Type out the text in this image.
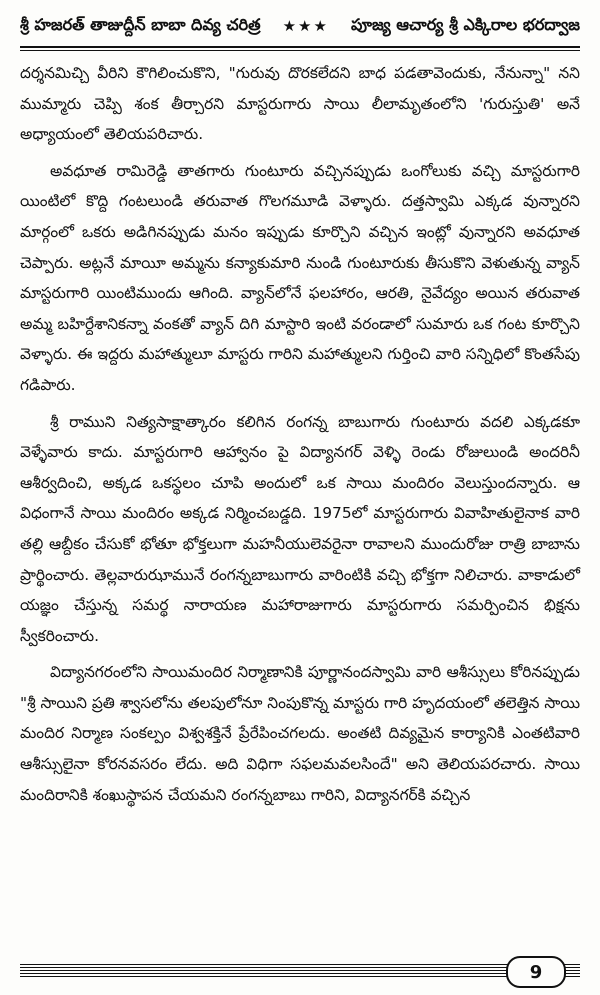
శ్రీ హజరత్ తాజుద్దీన్ బాబా దివ్య చరిత్ర ★★★ పూజ్య ఆచార్య శ్రీ ఎక్కిరాల భరద్వాజ

దర్శనమిచ్చి వీరిని కౌగిలించుకొని, "గురువు దొరకలేదని బాధ పడతావెందుకు, నేనున్నా" నని ముమ్మారు చెప్పి శంక తీర్చారని మాస్టరుగారు సాయి లీలామృతంలోని 'గురుస్తుతి' అనే అధ్యాయంలో తెలియపరిచారు.

అవధూత రామిరెడ్డి తాతగారు గుంటూరు వచ్చినప్పుడు ఒంగోలుకు వచ్చి మాస్టరుగారి యింటిలో కొద్ది గంటలుండి తరువాత గొలగమూడి వెళ్ళారు. దత్తస్వామి ఎక్కడ వున్నారని మార్గంలో ఒకరు అడిగినప్పుడు మనం ఇప్పుడు కూర్చొని వచ్చిన ఇంట్లో వున్నారని అవధూత చెప్పారు. అట్లనే మాయీ అమ్మను కన్యాకుమారి నుండి గుంటూరుకు తీసుకొని వెళుతున్న వ్యాన్ మాస్టరుగారి యింటిముందు ఆగింది. వ్యాన్‌లోనే ఫలహారం, ఆరతి, నైవేద్యం అయిన తరువాత అమ్మ బహిర్దేశానికన్నా వంకతో వ్యాన్ దిగి మాస్టారి ఇంటి వరండాలో సుమారు ఒక గంట కూర్చొని వెళ్ళారు. ఈ ఇద్దరు మహాత్ములూ మాస్టరు గారిని మహాత్ములని గుర్తించి వారి సన్నిధిలో కొంతసేపు గడిపారు.

శ్రీ రాముని నిత్యసాక్షాత్కారం కలిగిన రంగన్న బాబుగారు గుంటూరు వదలి ఎక్కడకూ వెళ్ళేవారు కాదు. మాస్టరుగారి ఆహ్వానం పై విద్యానగర్ వెళ్ళి రెండు రోజులుండి అందరినీ ఆశీర్వదించి, అక్కడ ఒకస్థలం చూపి అందులో ఒక సాయి మందిరం వెలుస్తుందన్నారు. ఆ విధంగానే సాయి మందిరం అక్కడ నిర్మించబడ్డది. 1975లో మాస్టరుగారు వివాహితులైనాక వారి తల్లి ఆబ్దీకం చేసుకో భోతూ భోక్తలుగా మహనీయులెవరైనా రావాలని ముందురోజు రాత్రి బాబాను ప్రార్థించారు. తెల్లవారుఝామునే రంగన్నబాబుగారు వారింటికి వచ్చి భోక్తగా నిలిచారు. వాకాడులో యజ్ఞం చేస్తున్న సమర్థ నారాయణ మహారాజుగారు మాస్టరుగారు సమర్పించిన భిక్షను స్వీకరించారు.

విద్యానగరంలోని సాయిమందిర నిర్మాణానికి పూర్ణానందస్వామి వారి ఆశీస్సులు కోరినప్పుడు "శ్రీ సాయిని ప్రతి శ్వాసలోను తలపులోనూ నింపుకొన్న మాస్టరు గారి హృదయంలో తలెత్తిన సాయి మందిర నిర్మాణ సంకల్పం విశ్వశక్తినే ప్రేరేపించగలదు. అంతటి దివ్యమైన కార్యానికి ఎంతటివారి ఆశీస్సులైనా కోరనవసరం లేదు. అది విధిగా సఫలమవలసిందే" అని తెలియపరచారు. సాయి మందిరానికి శంఖుస్థాపన చేయమని రంగన్నబాబు గారిని, విద్యానగర్‌కి వచ్చిన

9
